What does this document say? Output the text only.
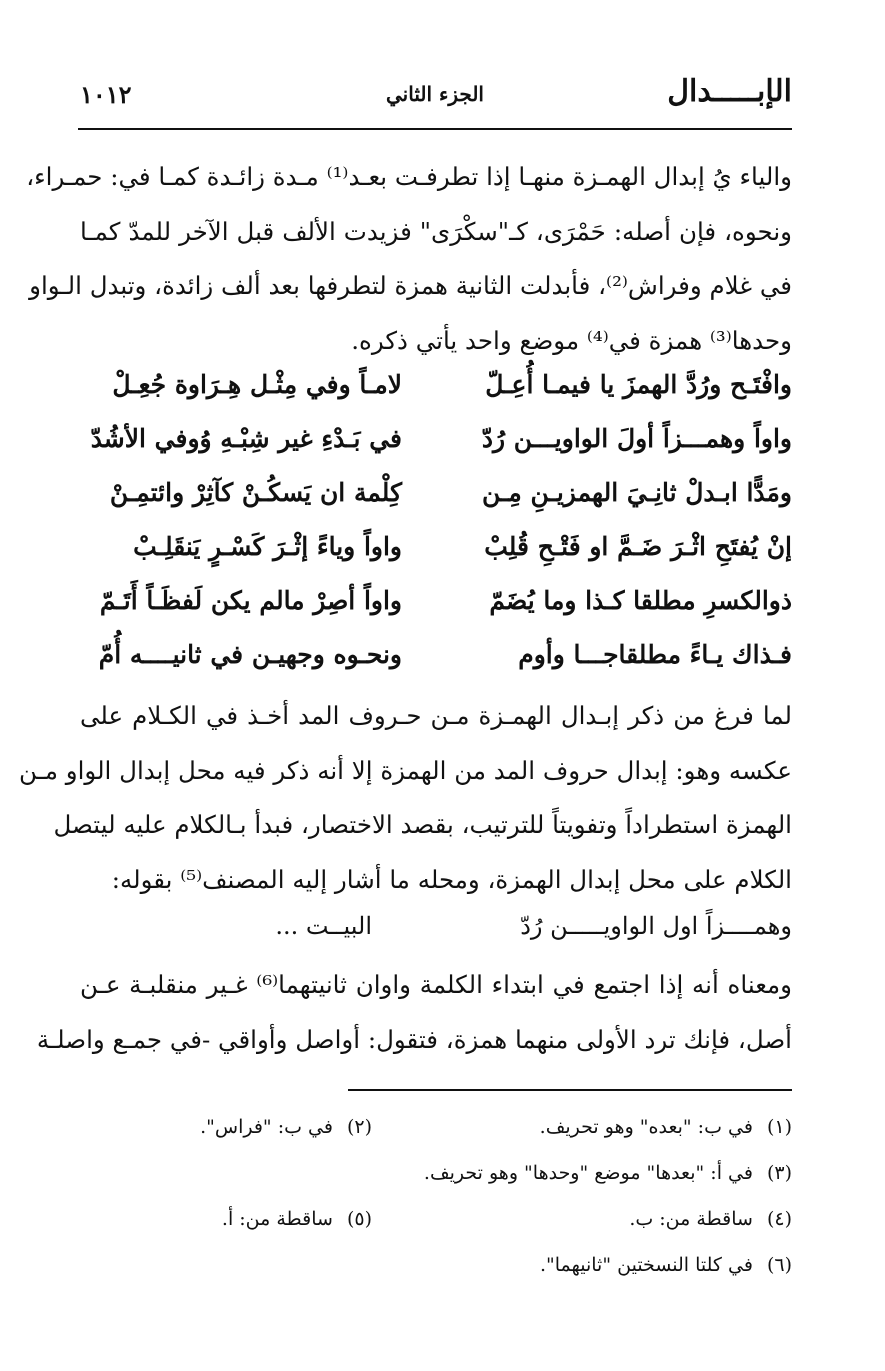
الإبـــــدال
الجزء الثاني
١٠١٢
والياء يُ إبدال الهمـزة منهـا إذا تطرفـت بعـد⁽¹⁾ مـدة زائـدة كمـا في: حمـراء،
ونحوه، فإن أصله: حَمْرَى، كـ"سكْرَى" فزيدت الألف قبل الآخر للمدّ كمـا
في غلام وفراش⁽²⁾، فأبدلت الثانية همزة لتطرفها بعد ألف زائدة، وتبدل الـواو
وحدها⁽³⁾ همزة في⁽⁴⁾ موضع واحد يأتي ذكره.
وافْتَـح ورُدَّ الهمزَ يا فيمـا أُعِـلّ
لامـاً وفي مِثْـل هِـرَاوة جُعِـلْ
واواً وهمـــزاً أولَ الواويـــن رُدّ
في بَـدْءِ غير شِبْـهِ وُوفي الأشُدّ
ومَدًّا ابـدلْ ثانِـيَ الهمزيـنِ مِـن
كِلْمة ان يَسكُـنْ كآثِرْ وائتمِـنْ
إنْ يُفتَحِ اثْـرَ ضَـمَّ او فَتْـحِ قُلِبْ
واواً وياءً إثْـرَ كَسْـرٍ يَنقَلِـبْ
ذوالكسرِ مطلقا كـذا وما يُضَمّ
واواً أصِرْ مالم يكن لَفظَـاً أَتَـمّ
فـذاك يـاءً مطلقاجـــا وأوم
ونحـوه وجهيـن في ثانيــــه أُمّ
لما فرغ من ذكر إبـدال الهمـزة مـن حـروف المد أخـذ في الكـلام على
عكسه وهو: إبدال حروف المد من الهمزة إلا أنه ذكر فيه محل إبدال الواو مـن
الهمزة استطراداً وتفويتاً للترتيب، بقصد الاختصار، فبدأ بـالكلام عليه ليتصل
الكلام على محل إبدال الهمزة، ومحله ما أشار إليه المصنف⁽⁵⁾ بقوله:
وهمــــزاً اول الواويـــــن رُدّ
البيــت ...
ومعناه أنه إذا اجتمع في ابتداء الكلمة واوان ثانيتهما⁽⁶⁾ غـير منقلبـة عـن
أصل، فإنك ترد الأولى منهما همزة، فتقول: أواصل وأواقي -في جمـع واصلـة
(١)في ب: "بعده" وهو تحريف.
(٢)في ب: "فراس".
(٣)في أ: "بعدها" موضع "وحدها" وهو تحريف.
(٤)ساقطة من: ب.
(٥)ساقطة من: أ.
(٦)في كلتا النسختين "ثانيهما".
